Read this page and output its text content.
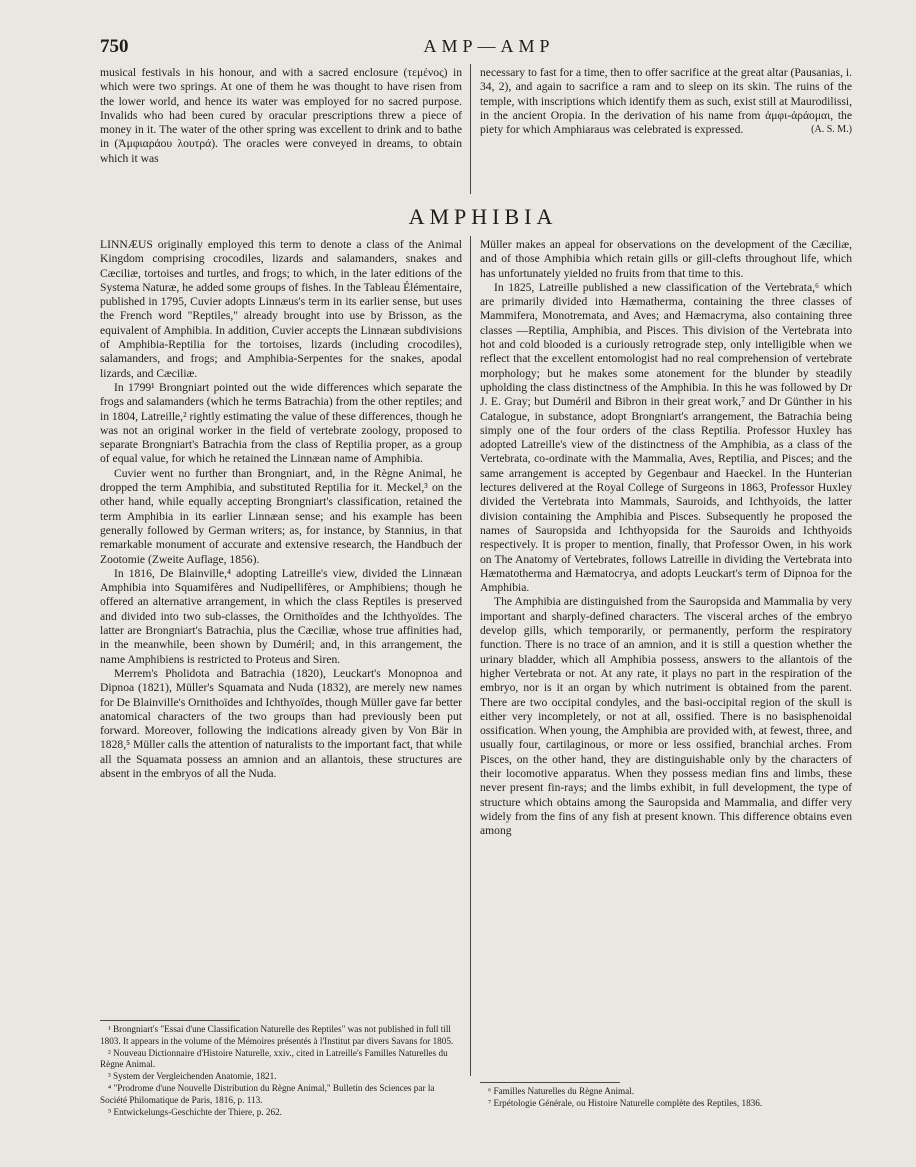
750	AMP—AMP

musical festivals in his honour, and with a sacred enclosure (τεμένος) in which were two springs. At one of them he was thought to have risen from the lower world, and hence its water was employed for no sacred purpose. Invalids who had been cured by oracular prescriptions threw a piece of money in it. The water of the other spring was excellent to drink and to bathe in (Ἀμφιαράου λουτρά). The oracles were conveyed in dreams, to obtain which it was

necessary to fast for a time, then to offer sacrifice at the great altar (Pausanias, i. 34, 2), and again to sacrifice a ram and to sleep on its skin. The ruins of the temple, with inscriptions which identify them as such, exist still at Maurodilissi, in the ancient Oropia. In the derivation of his name from ἀμφι-ἀράομαι, the piety for which Amphiaraus was celebrated is expressed.	(A. S. M.)

AMPHIBIA

LINNÆUS originally employed this term to denote a class of the Animal Kingdom comprising crocodiles, lizards and salamanders, snakes and Cæciliæ, tortoises and turtles, and frogs; to which, in the later editions of the Systema Naturæ, he added some groups of fishes. In the Tableau Élémentaire, published in 1795, Cuvier adopts Linnæus's term in its earlier sense, but uses the French word "Reptiles," already brought into use by Brisson, as the equivalent of Amphibia. In addition, Cuvier accepts the Linnæan subdivisions of Amphibia-Reptilia for the tortoises, lizards (including crocodiles), salamanders, and frogs; and Amphibia-Serpentes for the snakes, apodal lizards, and Cæciliæ.

In 1799¹ Brongniart pointed out the wide differences which separate the frogs and salamanders (which he terms Batrachia) from the other reptiles; and in 1804, Latreille,² rightly estimating the value of these differences, though he was not an original worker in the field of vertebrate zoology, proposed to separate Brongniart's Batrachia from the class of Reptilia proper, as a group of equal value, for which he retained the Linnæan name of Amphibia.

Cuvier went no further than Brongniart, and, in the Règne Animal, he dropped the term Amphibia, and substituted Reptilia for it. Meckel,³ on the other hand, while equally accepting Brongniart's classification, retained the term Amphibia in its earlier Linnæan sense; and his example has been generally followed by German writers; as, for instance, by Stannius, in that remarkable monument of accurate and extensive research, the Handbuch der Zootomie (Zweite Auflage, 1856).

In 1816, De Blainville,⁴ adopting Latreille's view, divided the Linnæan Amphibia into Squamifères and Nudipellifères, or Amphibiens; though he offered an alternative arrangement, in which the class Reptiles is preserved and divided into two sub-classes, the Ornithoïdes and the Ichthyoïdes. The latter are Brongniart's Batrachia, plus the Cæciliæ, whose true affinities had, in the meanwhile, been shown by Duméril; and, in this arrangement, the name Amphibiens is restricted to Proteus and Siren.

Merrem's Pholidota and Batrachia (1820), Leuckart's Monopnoa and Dipnoa (1821), Müller's Squamata and Nuda (1832), are merely new names for De Blainville's Ornithoïdes and Ichthyoïdes, though Müller gave far better anatomical characters of the two groups than had previously been put forward. Moreover, following the indications already given by Von Bär in 1828,⁵ Müller calls the attention of naturalists to the important fact, that while all the Squamata possess an amnion and an allantois, these structures are absent in the embryos of all the Nuda.

Müller makes an appeal for observations on the development of the Cæciliæ, and of those Amphibia which retain gills or gill-clefts throughout life, which has unfortunately yielded no fruits from that time to this.

In 1825, Latreille published a new classification of the Vertebrata,⁶ which are primarily divided into Hæmatherma, containing the three classes of Mammifera, Monotremata, and Aves; and Hæmacryma, also containing three classes —Reptilia, Amphibia, and Pisces. This division of the Vertebrata into hot and cold blooded is a curiously retrograde step, only intelligible when we reflect that the excellent entomologist had no real comprehension of vertebrate morphology; but he makes some atonement for the blunder by steadily upholding the class distinctness of the Amphibia. In this he was followed by Dr J. E. Gray; but Duméril and Bibron in their great work,⁷ and Dr Günther in his Catalogue, in substance, adopt Brongniart's arrangement, the Batrachia being simply one of the four orders of the class Reptilia. Professor Huxley has adopted Latreille's view of the distinctness of the Amphibia, as a class of the Vertebrata, co-ordinate with the Mammalia, Aves, Reptilia, and Pisces; and the same arrangement is accepted by Gegenbaur and Haeckel. In the Hunterian lectures delivered at the Royal College of Surgeons in 1863, Professor Huxley divided the Vertebrata into Mammals, Sauroids, and Ichthyoids, the latter division containing the Amphibia and Pisces. Subsequently he proposed the names of Sauropsida and Ichthyopsida for the Sauroids and Ichthyoids respectively. It is proper to mention, finally, that Professor Owen, in his work on The Anatomy of Vertebrates, follows Latreille in dividing the Vertebrata into Hæmatotherma and Hæmatocrya, and adopts Leuckart's term of Dipnoa for the Amphibia.

The Amphibia are distinguished from the Sauropsida and Mammalia by very important and sharply-defined characters. The visceral arches of the embryo develop gills, which temporarily, or permanently, perform the respiratory function. There is no trace of an amnion, and it is still a question whether the urinary bladder, which all Amphibia possess, answers to the allantois of the higher Vertebrata or not. At any rate, it plays no part in the respiration of the embryo, nor is it an organ by which nutriment is obtained from the parent. There are two occipital condyles, and the basi-occipital region of the skull is either very incompletely, or not at all, ossified. There is no basisphenoidal ossification. When young, the Amphibia are provided with, at fewest, three, and usually four, cartilaginous, or more or less ossified, branchial arches. From Pisces, on the other hand, they are distinguishable only by the characters of their locomotive apparatus. When they possess median fins and limbs, these never present fin-rays; and the limbs exhibit, in full development, the type of structure which obtains among the Sauropsida and Mammalia, and differ very widely from the fins of any fish at present known. This difference obtains even among

¹ Brongniart's "Essai d'une Classification Naturelle des Reptiles" was not published in full till 1803. It appears in the volume of the Mémoires présentés à l'Institut par divers Savans for 1805.

² Nouveau Dictionnaire d'Histoire Naturelle, xxiv., cited in Latreille's Familles Naturelles du Règne Animal.

³ System der Vergleichenden Anatomie, 1821.

⁴ "Prodrome d'une Nouvelle Distribution du Règne Animal," Bulletin des Sciences par la Société Philomatique de Paris, 1816, p. 113.

⁵ Entwickelungs-Geschichte der Thiere, p. 262.

⁶ Familles Naturelles du Règne Animal.

⁷ Erpétologie Générale, ou Histoire Naturelle complète des Reptiles, 1836.
